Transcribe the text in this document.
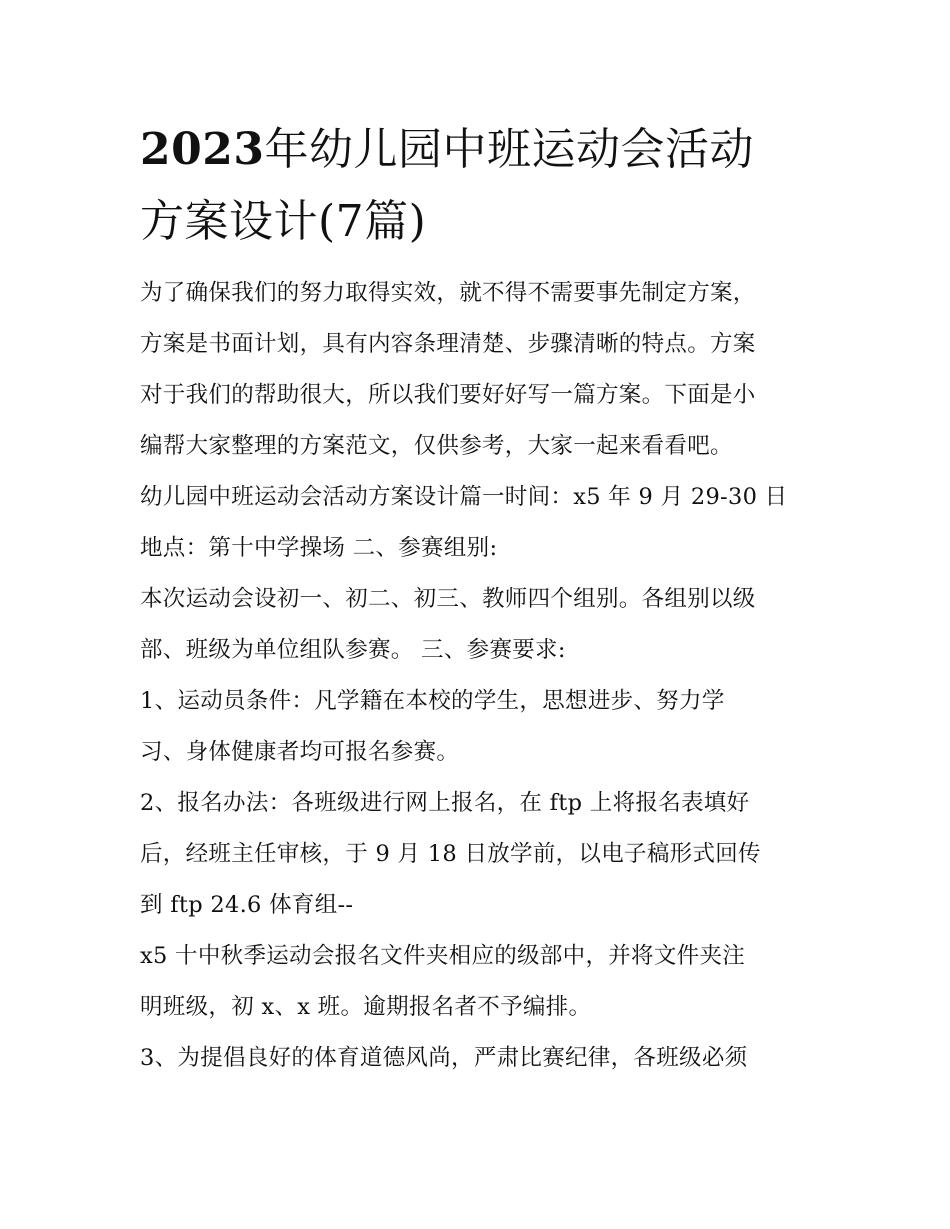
2023年幼儿园中班运动会活动
方案设计(7篇)

为了确保我们的努力取得实效，就不得不需要事先制定方案，
方案是书面计划，具有内容条理清楚、步骤清晰的特点。方案
对于我们的帮助很大，所以我们要好好写一篇方案。下面是小
编帮大家整理的方案范文，仅供参考，大家一起来看看吧。

幼儿园中班运动会活动方案设计篇一时间：x5 年 9 月 29-30 日
地点：第十中学操场 二、参赛组别:

本次运动会设初一、初二、初三、教师四个组别。各组别以级
部、班级为单位组队参赛。 三、参赛要求:

1、运动员条件：凡学籍在本校的学生，思想进步、努力学
习、身体健康者均可报名参赛。

2、报名办法：各班级进行网上报名，在 ftp 上将报名表填好
后，经班主任审核，于 9 月 18 日放学前，以电子稿形式回传
到 ftp 24.6 体育组--

x5 十中秋季运动会报名文件夹相应的级部中，并将文件夹注
明班级，初 x、x 班。逾期报名者不予编排。

3、为提倡良好的体育道德风尚，严肃比赛纪律，各班级必须
